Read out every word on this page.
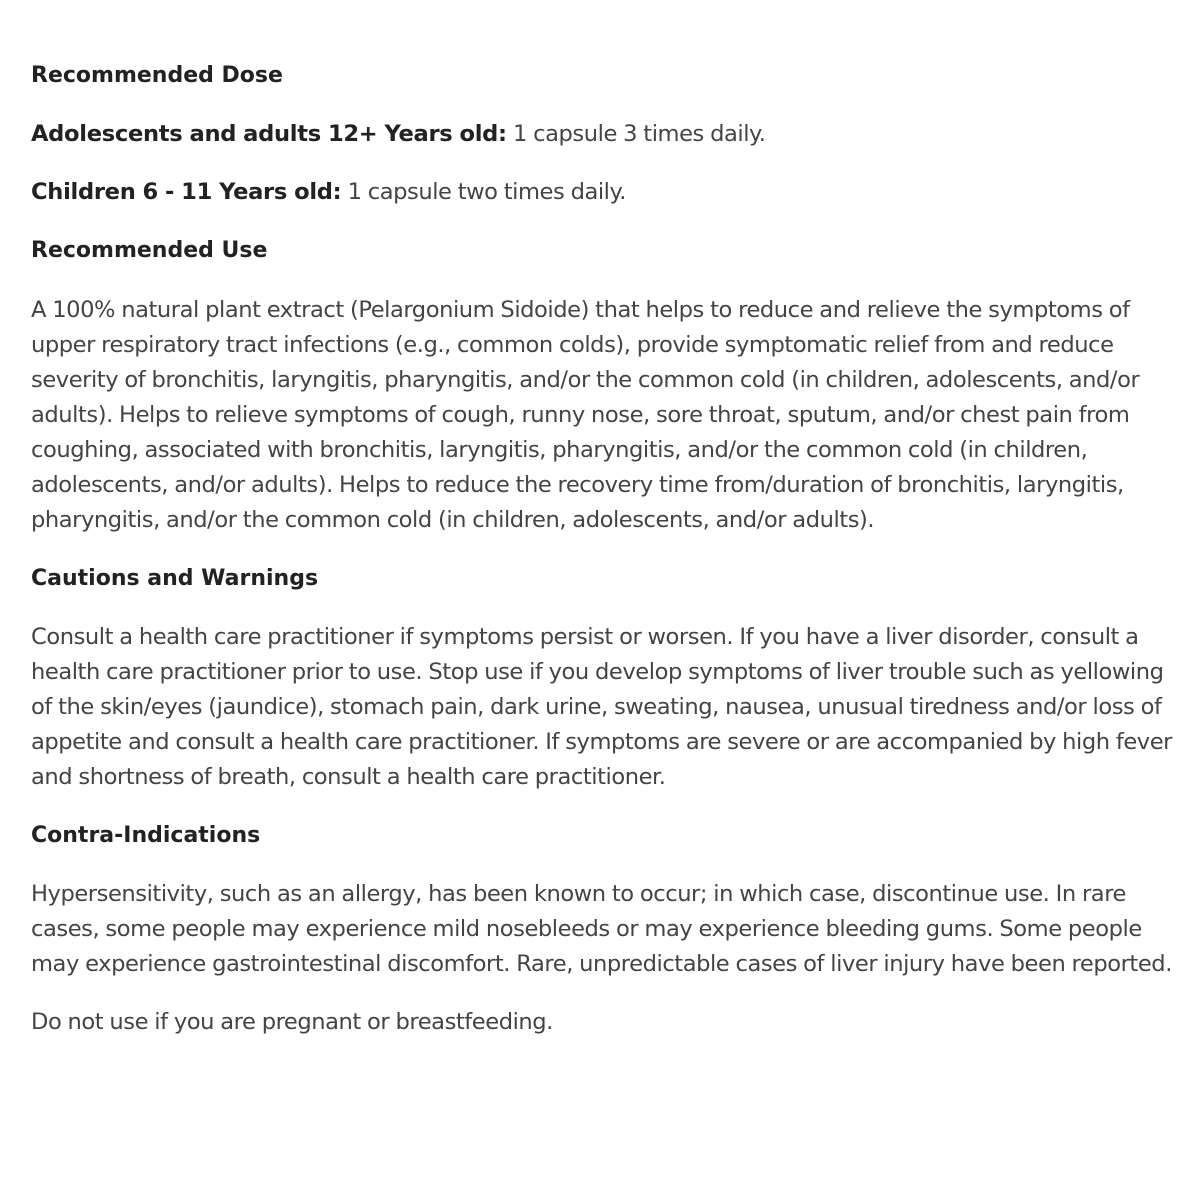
Recommended Dose

Adolescents and adults 12+ Years old: 1 capsule 3 times daily.

Children 6 - 11 Years old: 1 capsule two times daily.

Recommended Use

A 100% natural plant extract (Pelargonium Sidoide) that helps to reduce and relieve the symptoms of upper respiratory tract infections (e.g., common colds), provide symptomatic relief from and reduce severity of bronchitis, laryngitis, pharyngitis, and/or the common cold (in children, adolescents, and/or adults). Helps to relieve symptoms of cough, runny nose, sore throat, sputum, and/or chest pain from coughing, associated with bronchitis, laryngitis, pharyngitis, and/or the common cold (in children, adolescents, and/or adults). Helps to reduce the recovery time from/duration of bronchitis, laryngitis, pharyngitis, and/or the common cold (in children, adolescents, and/or adults).

Cautions and Warnings

Consult a health care practitioner if symptoms persist or worsen. If you have a liver disorder, consult a health care practitioner prior to use. Stop use if you develop symptoms of liver trouble such as yellowing of the skin/eyes (jaundice), stomach pain, dark urine, sweating, nausea, unusual tiredness and/or loss of appetite and consult a health care practitioner. If symptoms are severe or are accompanied by high fever and shortness of breath, consult a health care practitioner.

Contra-Indications

Hypersensitivity, such as an allergy, has been known to occur; in which case, discontinue use. In rare cases, some people may experience mild nosebleeds or may experience bleeding gums. Some people may experience gastrointestinal discomfort. Rare, unpredictable cases of liver injury have been reported.

Do not use if you are pregnant or breastfeeding.
